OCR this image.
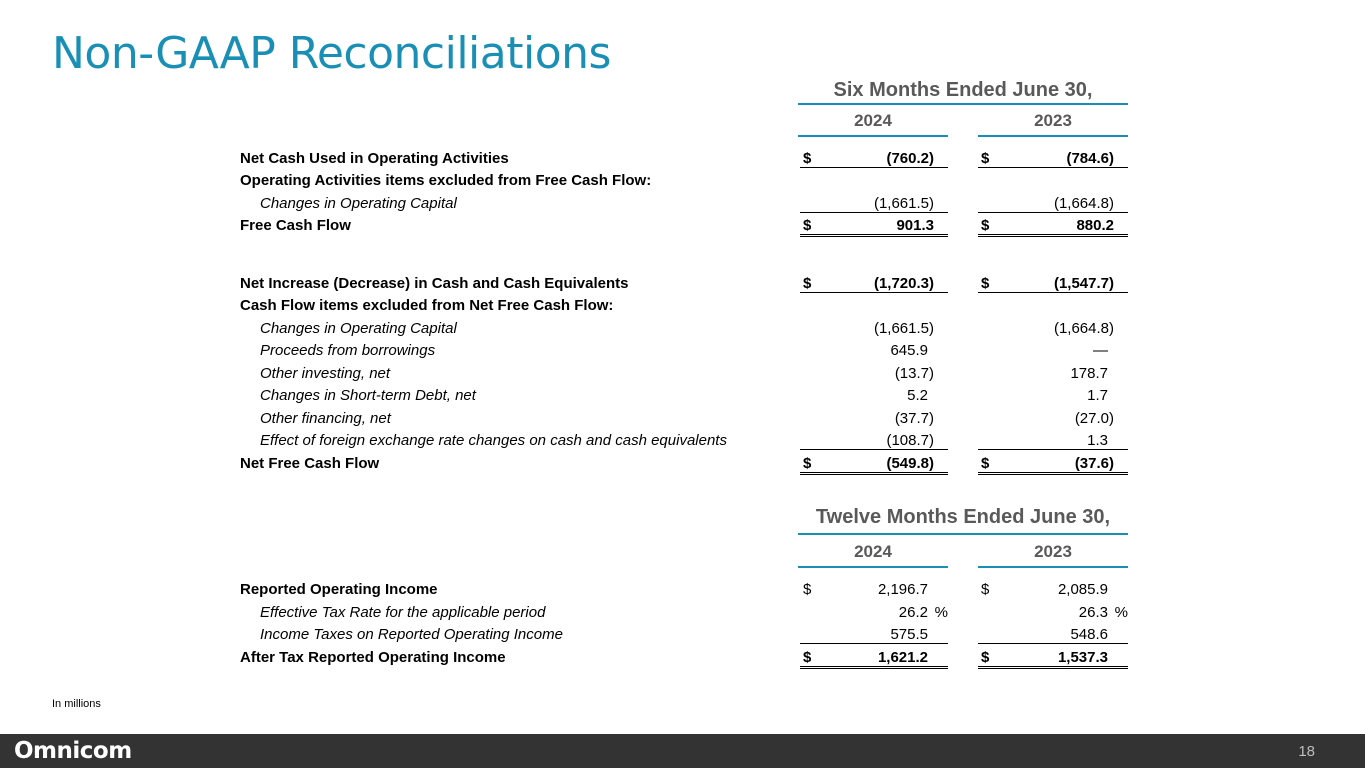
Non-GAAP Reconciliations
Six Months Ended June 30,
2024	2023
Net Cash Used in Operating Activities	$	(760.2)	$	(784.6)
Operating Activities items excluded from Free Cash Flow:
Changes in Operating Capital	(1,661.5)	(1,664.8)
Free Cash Flow	$	901.3	$	880.2
Net Increase (Decrease) in Cash and Cash Equivalents	$	(1,720.3)	$	(1,547.7)
Cash Flow items excluded from Net Free Cash Flow:
Changes in Operating Capital	(1,661.5)	(1,664.8)
Proceeds from borrowings	645.9	—
Other investing, net	(13.7)	178.7
Changes in Short-term Debt, net	5.2	1.7
Other financing, net	(37.7)	(27.0)
Effect of foreign exchange rate changes on cash and cash equivalents	(108.7)	1.3
Net Free Cash Flow	$	(549.8)	$	(37.6)
Twelve Months Ended June 30,
2024	2023
Reported Operating Income	$	2,196.7	$	2,085.9
Effective Tax Rate for the applicable period	26.2 %	26.3 %
Income Taxes on Reported Operating Income	575.5	548.6
After Tax Reported Operating Income	$	1,621.2	$	1,537.3
In millions
Omnicom	18
